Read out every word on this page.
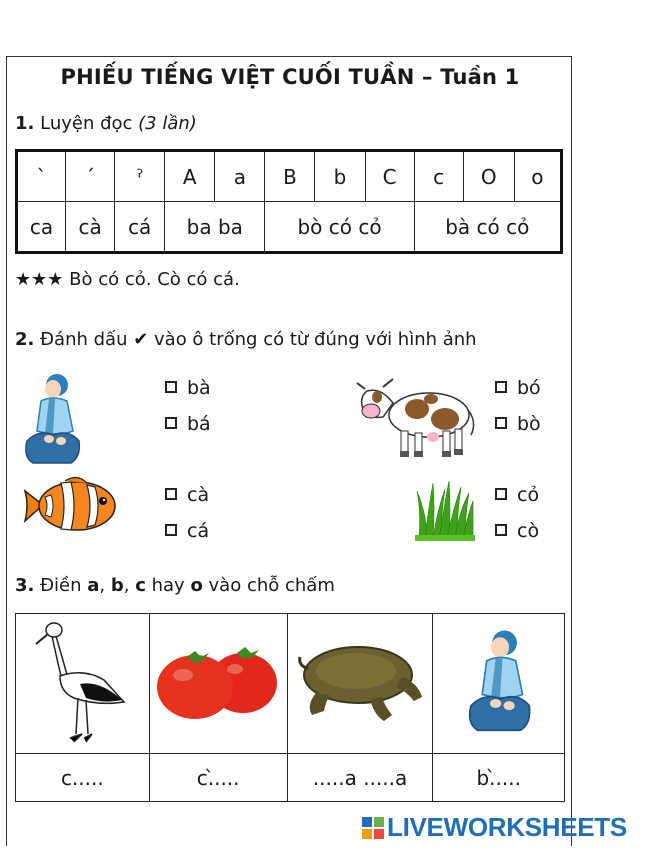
PHIẾU TIẾNG VIỆT CUỐI TUẦN – Tuần 1
1. Luyện đọc (3 lần)
`	´	ˀ	A	a	B	b	C	c	O	o
ca	cà	cá	ba ba		bò có cỏ			bà có cỏ		
★★★ Bò có cỏ. Cò có cá.
2. Đánh dấu ✔ vào ô trống có từ đúng với hình ảnh
bà
bá
bó
bò
cà
cá
cỏ
cò
3. Điền a, b, c hay o vào chỗ chấm

c.....	c.̀....	.....a .....a	b.̀....
LIVEWORKSHEETS
